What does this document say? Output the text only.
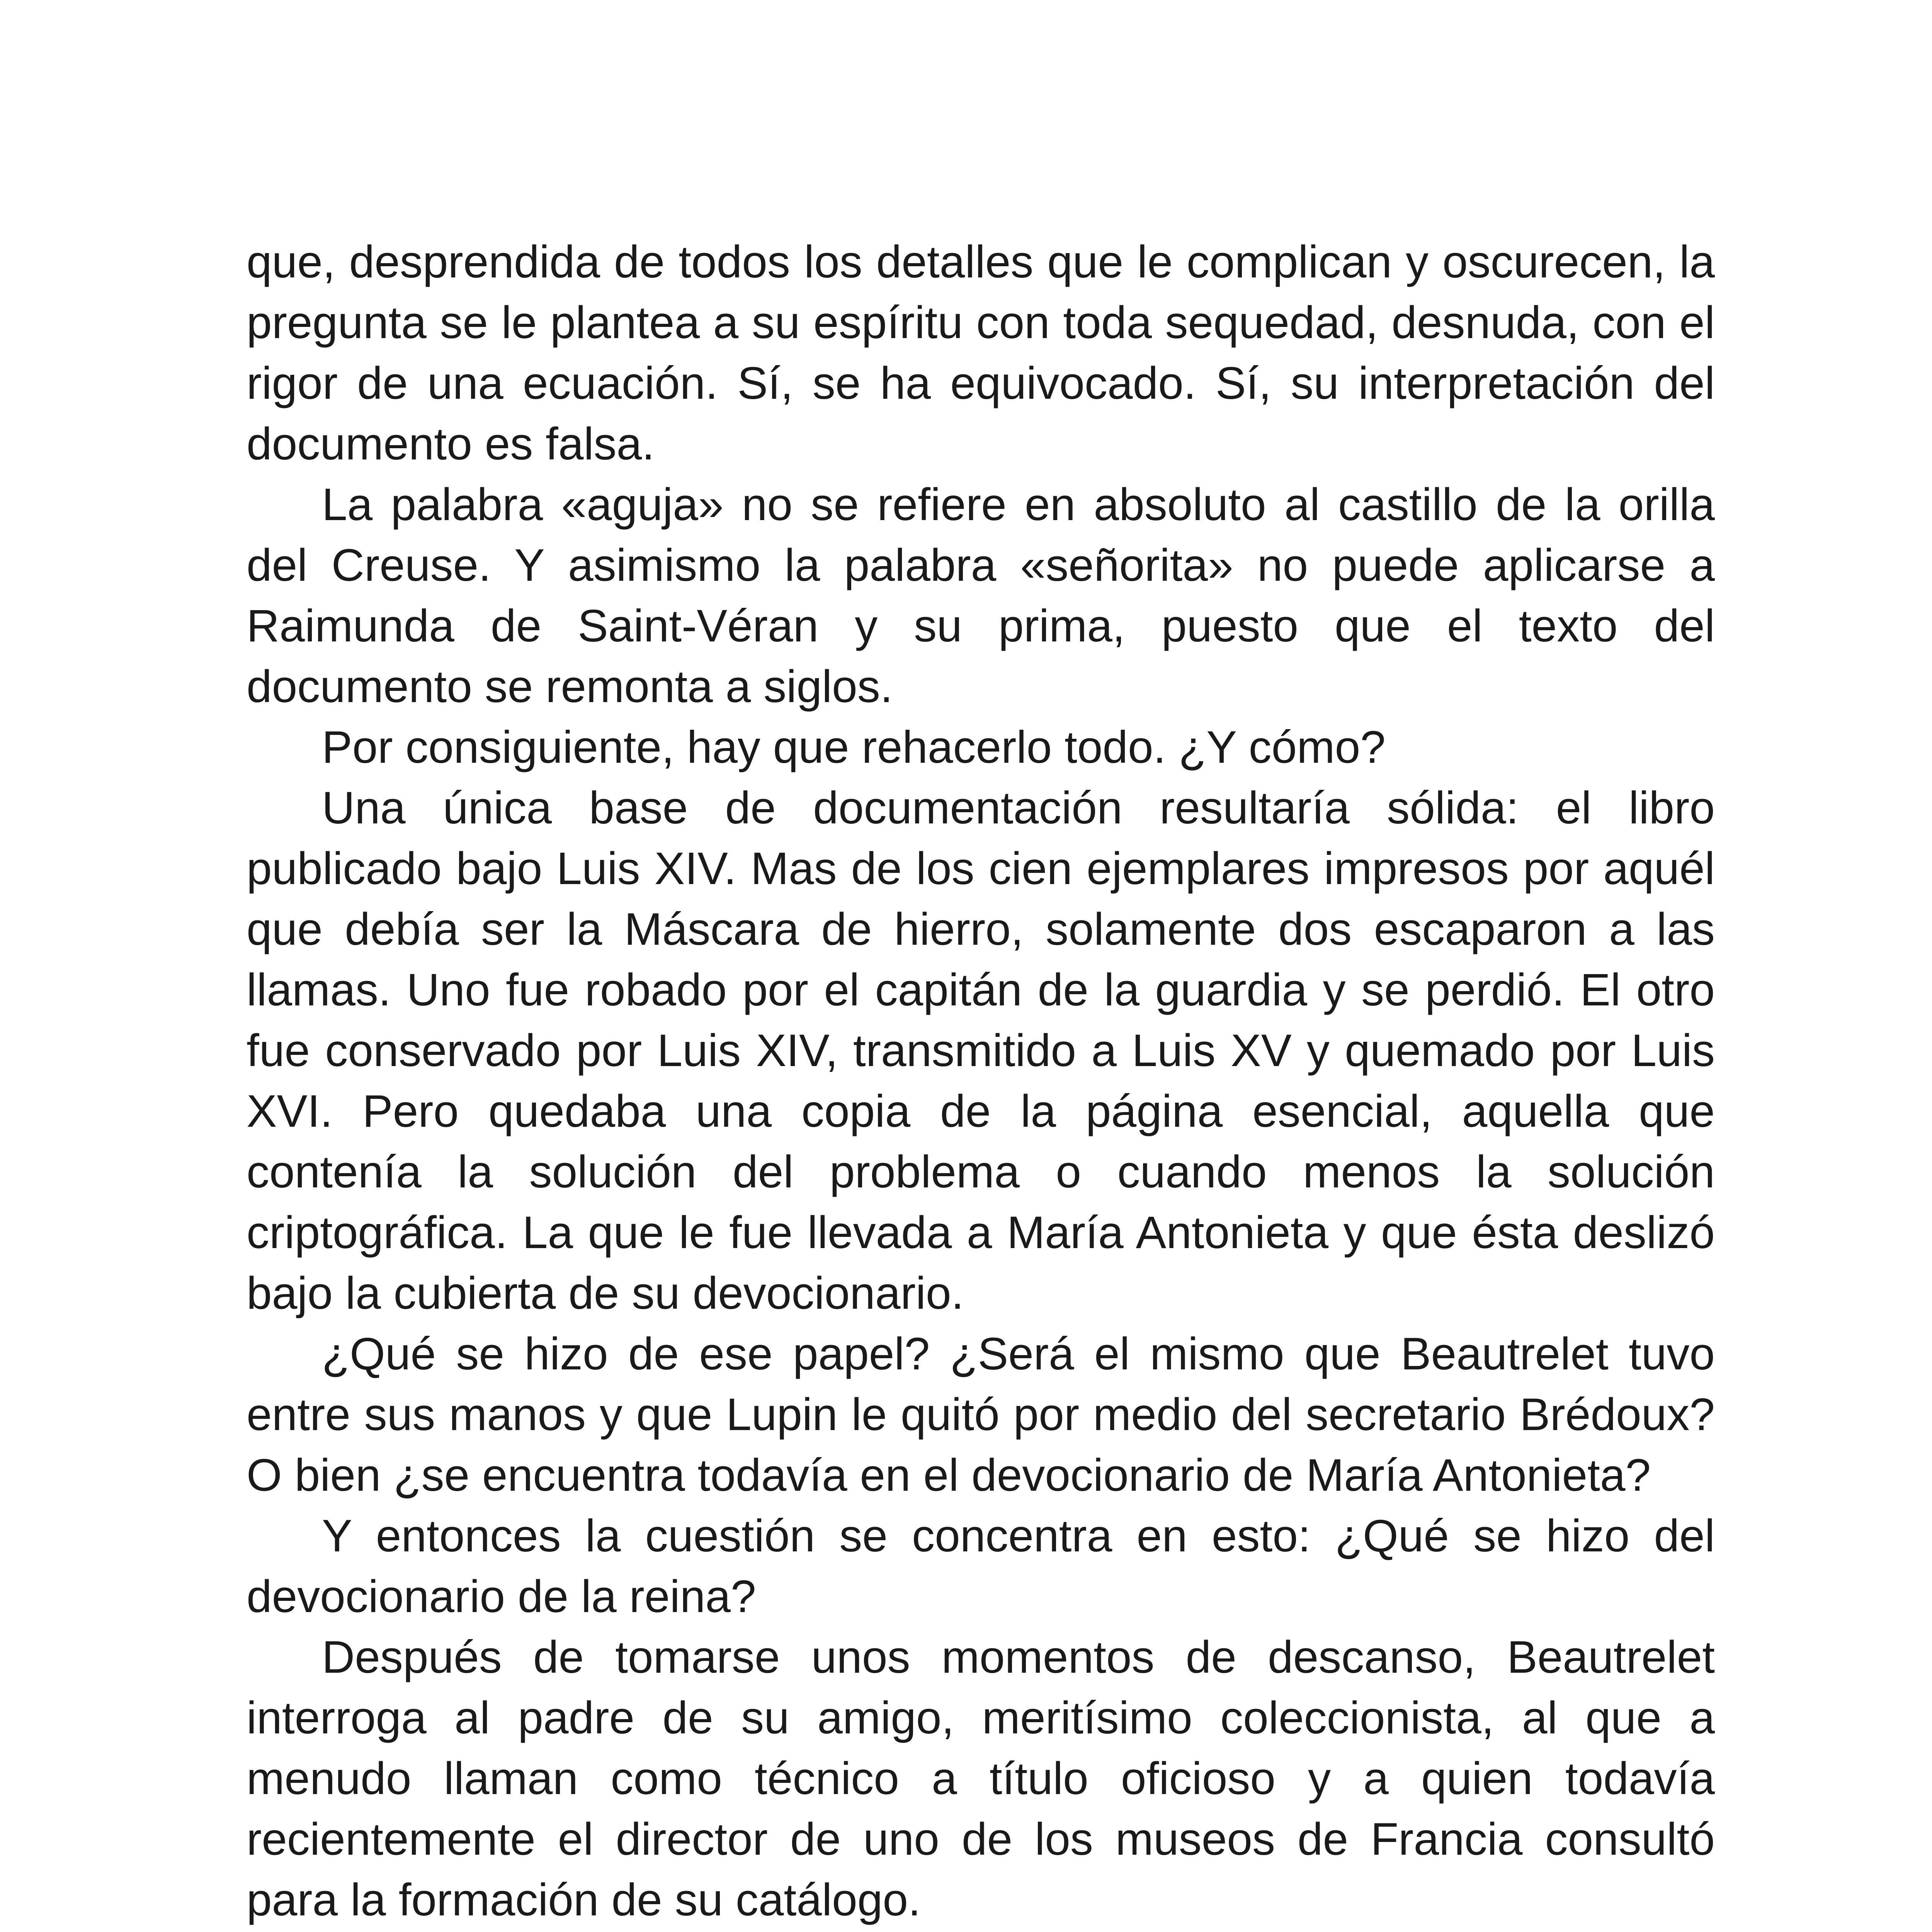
que, desprendida de todos los detalles que le complican y oscurecen, la pregunta se le plantea a su espíritu con toda sequedad, desnuda, con el rigor de una ecuación. Sí, se ha equivocado. Sí, su interpretación del documento es falsa.

La palabra «aguja» no se refiere en absoluto al castillo de la orilla del Creuse. Y asimismo la palabra «señorita» no puede aplicarse a Raimunda de Saint-Véran y su prima, puesto que el texto del documento se remonta a siglos.

Por consiguiente, hay que rehacerlo todo. ¿Y cómo?

Una única base de documentación resultaría sólida: el libro publicado bajo Luis XIV. Mas de los cien ejemplares impresos por aquél que debía ser la Máscara de hierro, solamente dos escaparon a las llamas. Uno fue robado por el capitán de la guardia y se perdió. El otro fue conservado por Luis XIV, transmitido a Luis XV y quemado por Luis XVI. Pero quedaba una copia de la página esencial, aquella que contenía la solución del problema o cuando menos la solución criptográfica. La que le fue llevada a María Antonieta y que ésta deslizó bajo la cubierta de su devocionario.

¿Qué se hizo de ese papel? ¿Será el mismo que Beautrelet tuvo entre sus manos y que Lupin le quitó por medio del secretario Brédoux? O bien ¿se encuentra todavía en el devocionario de María Antonieta?

Y entonces la cuestión se concentra en esto: ¿Qué se hizo del devocionario de la reina?

Después de tomarse unos momentos de descanso, Beautrelet interroga al padre de su amigo, meritísimo coleccionista, al que a menudo llaman como técnico a título oficioso y a quien todavía recientemente el director de uno de los museos de Francia consultó para la formación de su catálogo.
